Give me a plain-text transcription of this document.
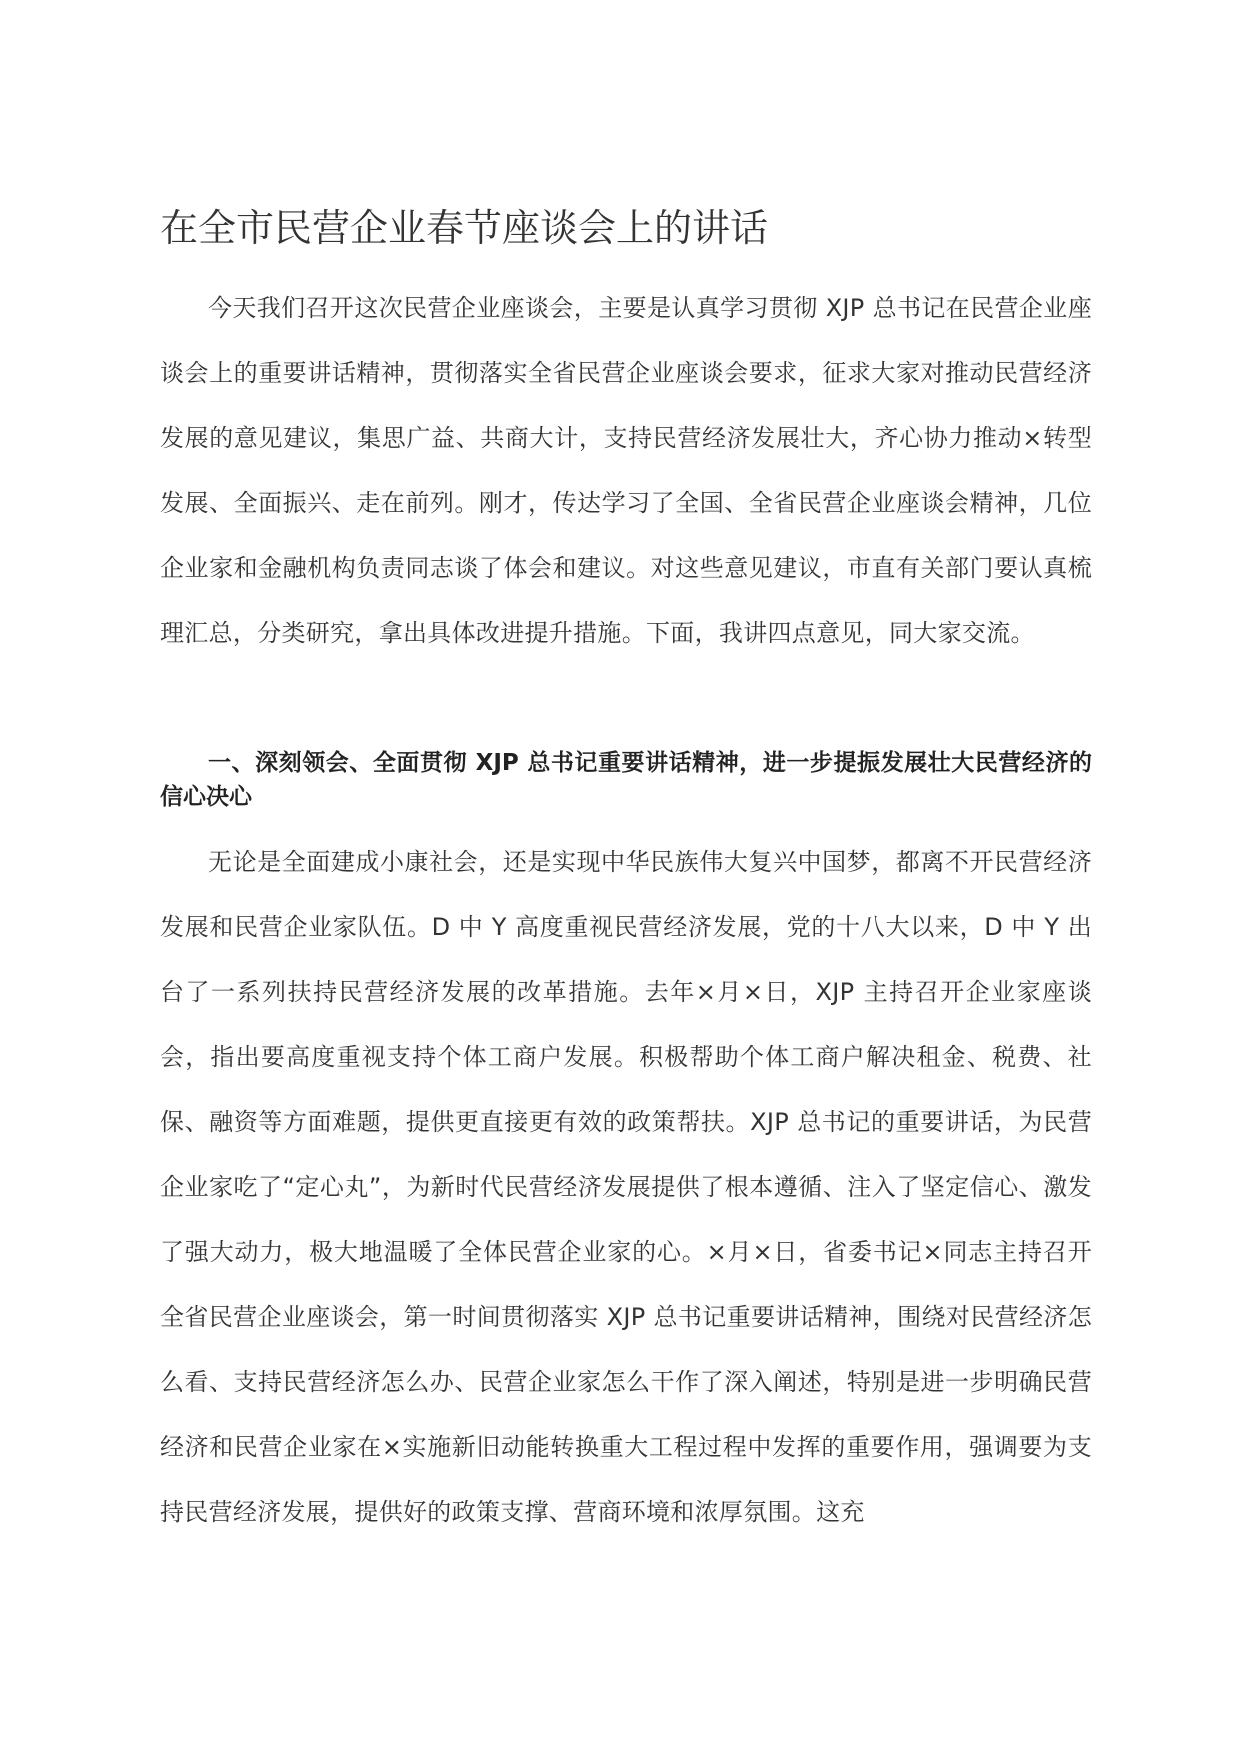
在全市民营企业春节座谈会上的讲话

今天我们召开这次民营企业座谈会，主要是认真学习贯彻 XJP 总书记在民营企业座谈会上的重要讲话精神，贯彻落实全省民营企业座谈会要求，征求大家对推动民营经济发展的意见建议，集思广益、共商大计，支持民营经济发展壮大，齐心协力推动×转型发展、全面振兴、走在前列。刚才，传达学习了全国、全省民营企业座谈会精神，几位企业家和金融机构负责同志谈了体会和建议。对这些意见建议，市直有关部门要认真梳理汇总，分类研究，拿出具体改进提升措施。下面，我讲四点意见，同大家交流。

一、深刻领会、全面贯彻 XJP 总书记重要讲话精神，进一步提振发展壮大民营经济的信心决心

无论是全面建成小康社会，还是实现中华民族伟大复兴中国梦，都离不开民营经济发展和民营企业家队伍。D 中 Y 高度重视民营经济发展，党的十八大以来，D 中 Y 出台了一系列扶持民营经济发展的改革措施。去年×月×日，XJP 主持召开企业家座谈会，指出要高度重视支持个体工商户发展。积极帮助个体工商户解决租金、税费、社保、融资等方面难题，提供更直接更有效的政策帮扶。XJP 总书记的重要讲话，为民营企业家吃了“定心丸”，为新时代民营经济发展提供了根本遵循、注入了坚定信心、激发了强大动力，极大地温暖了全体民营企业家的心。×月×日，省委书记×同志主持召开全省民营企业座谈会，第一时间贯彻落实 XJP 总书记重要讲话精神，围绕对民营经济怎么看、支持民营经济怎么办、民营企业家怎么干作了深入阐述，特别是进一步明确民营经济和民营企业家在×实施新旧动能转换重大工程过程中发挥的重要作用，强调要为支持民营经济发展，提供好的政策支撑、营商环境和浓厚氛围。这充
